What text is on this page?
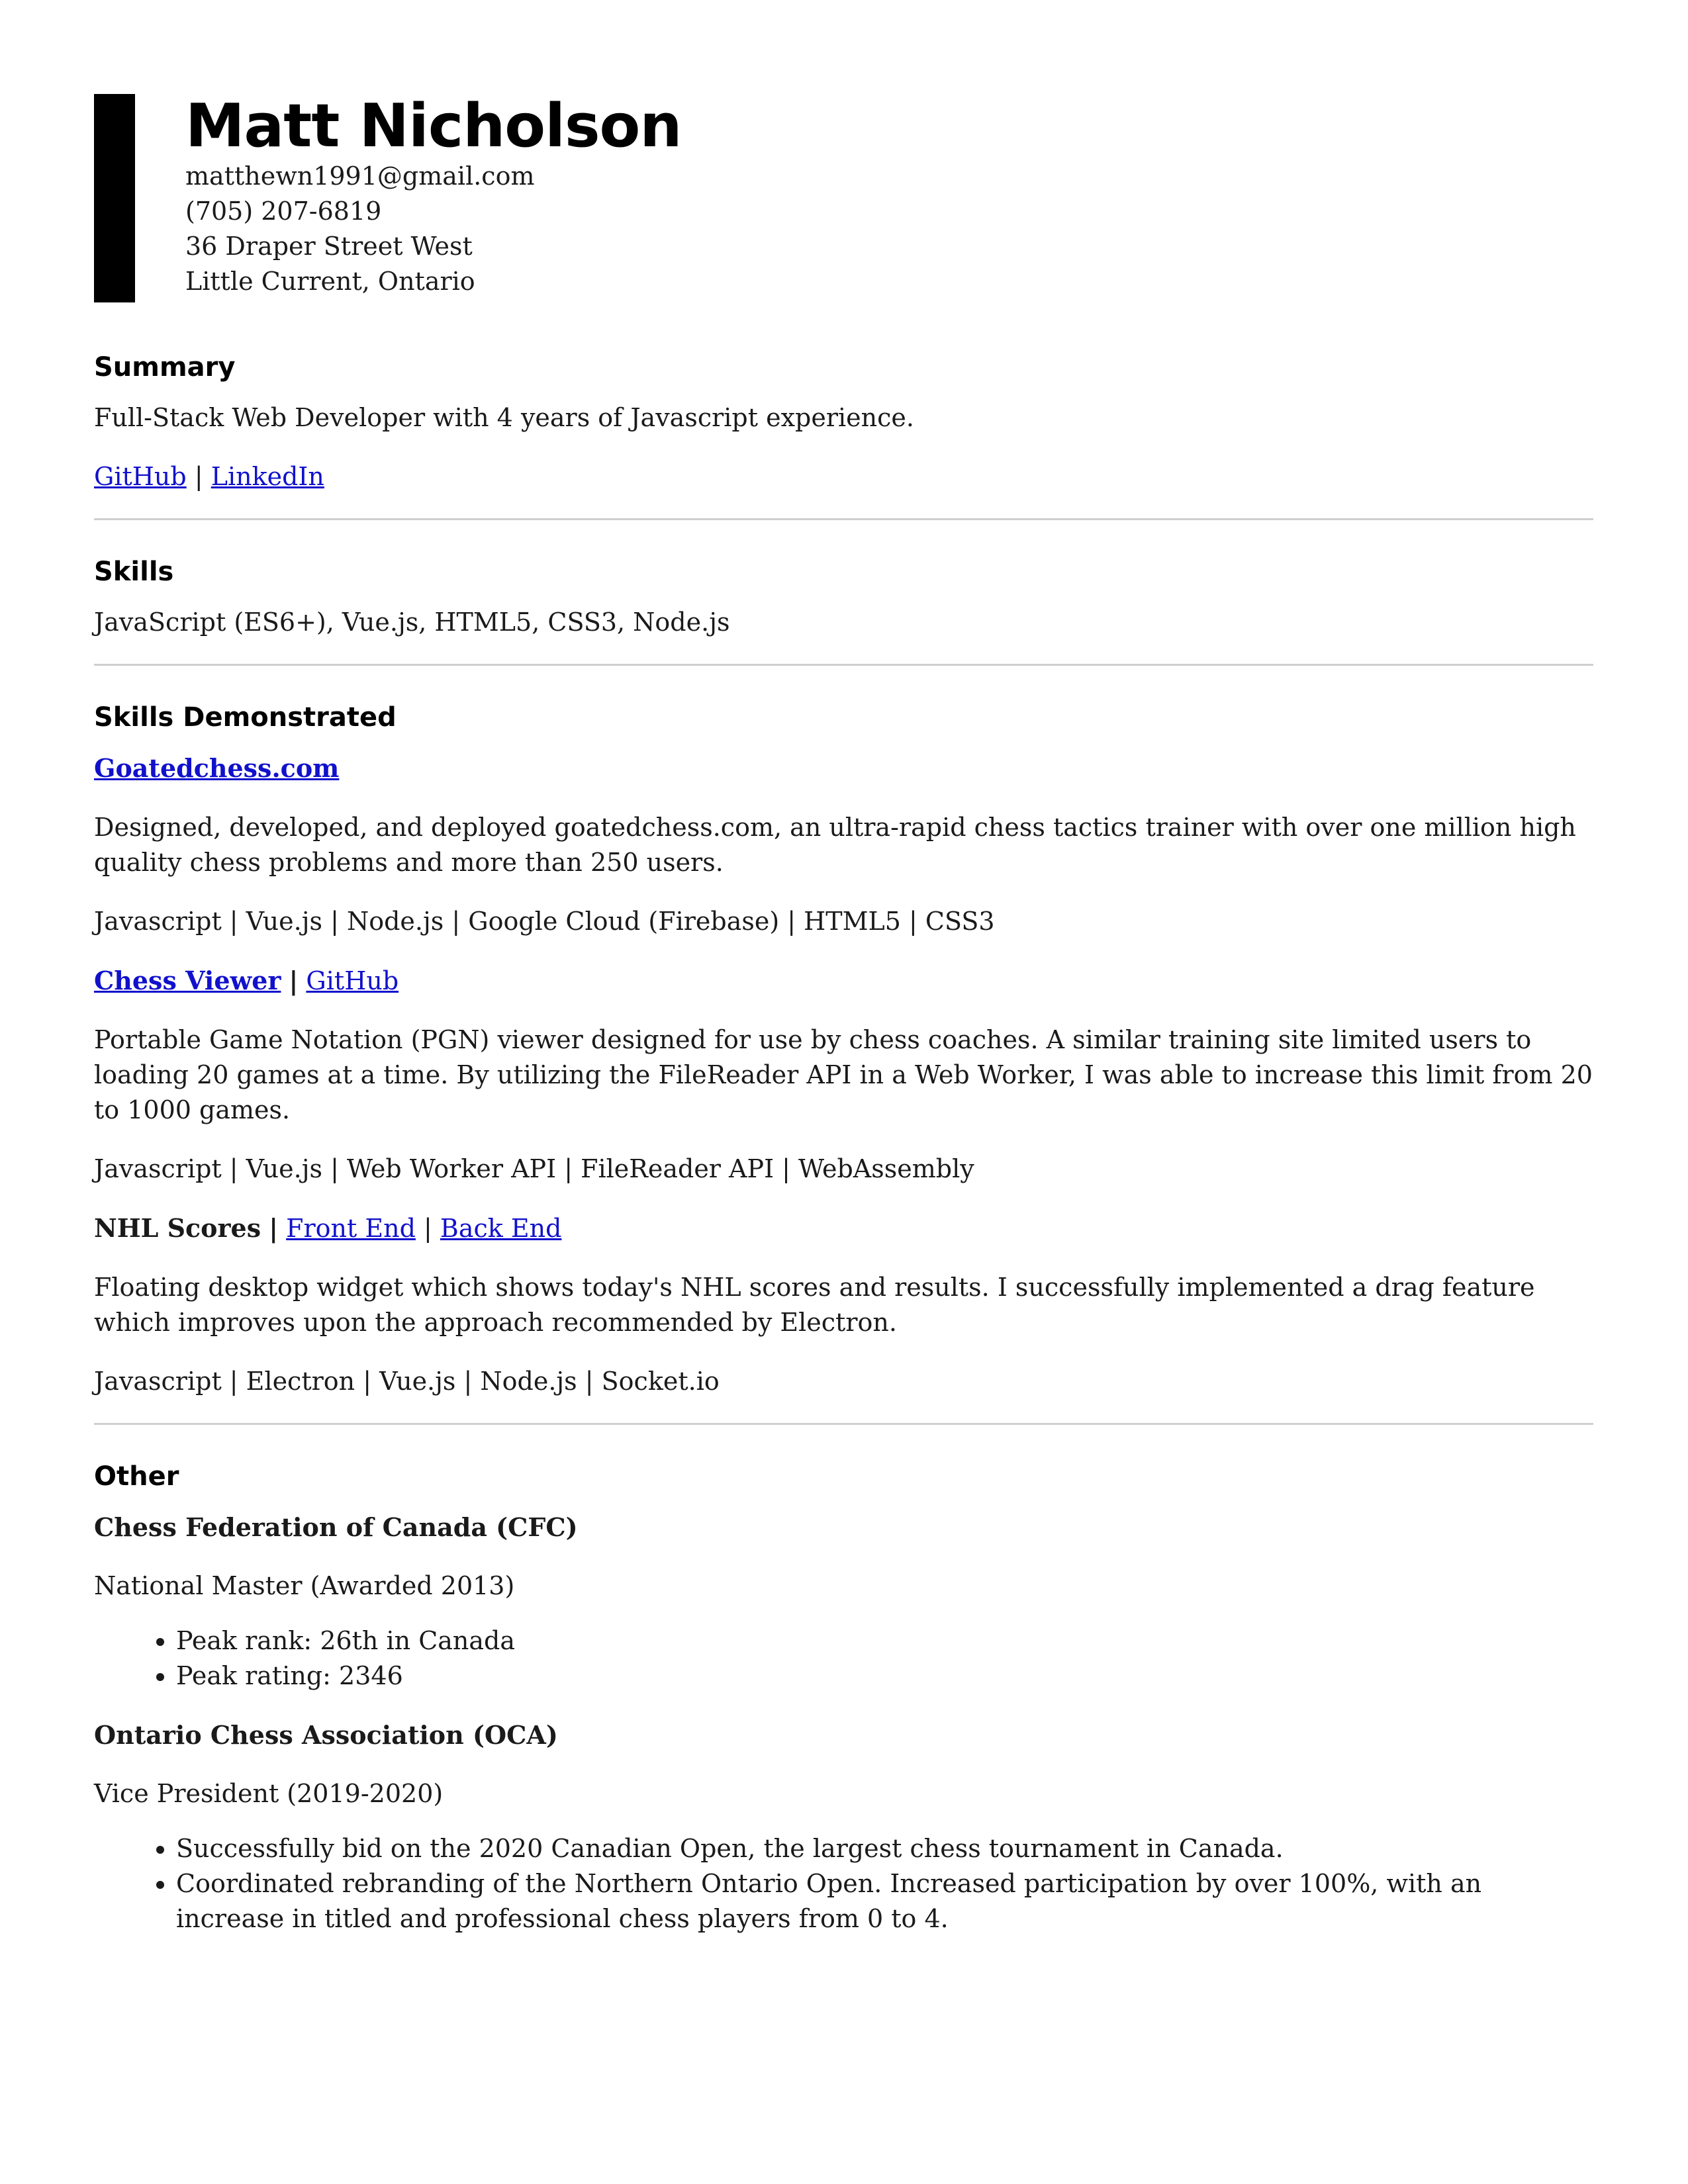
Matt Nicholson
matthewn1991@gmail.com
(705) 207-6819
36 Draper Street West
Little Current, Ontario
Summary

Full-Stack Web Developer with 4 years of Javascript experience.

GitHub | LinkedIn

Skills

JavaScript (ES6+), Vue.js, HTML5, CSS3, Node.js

Skills Demonstrated

Goatedchess.com

Designed, developed, and deployed goatedchess.com, an ultra-rapid chess tactics trainer with over one million high quality chess problems and more than 250 users.

Javascript | Vue.js | Node.js | Google Cloud (Firebase) | HTML5 | CSS3

Chess Viewer | GitHub

Portable Game Notation (PGN) viewer designed for use by chess coaches. A similar training site limited users to loading 20 games at a time. By utilizing the FileReader API in a Web Worker, I was able to increase this limit from 20 to 1000 games.

Javascript | Vue.js | Web Worker API | FileReader API | WebAssembly

NHL Scores | Front End | Back End

Floating desktop widget which shows today's NHL scores and results. I successfully implemented a drag feature which improves upon the approach recommended by Electron.

Javascript | Electron | Vue.js | Node.js | Socket.io

Other

Chess Federation of Canada (CFC)

National Master (Awarded 2013)

• Peak rank: 26th in Canada
• Peak rating: 2346

Ontario Chess Association (OCA)

Vice President (2019-2020)

• Successfully bid on the 2020 Canadian Open, the largest chess tournament in Canada.
• Coordinated rebranding of the Northern Ontario Open. Increased participation by over 100%, with an increase in titled and professional chess players from 0 to 4.
